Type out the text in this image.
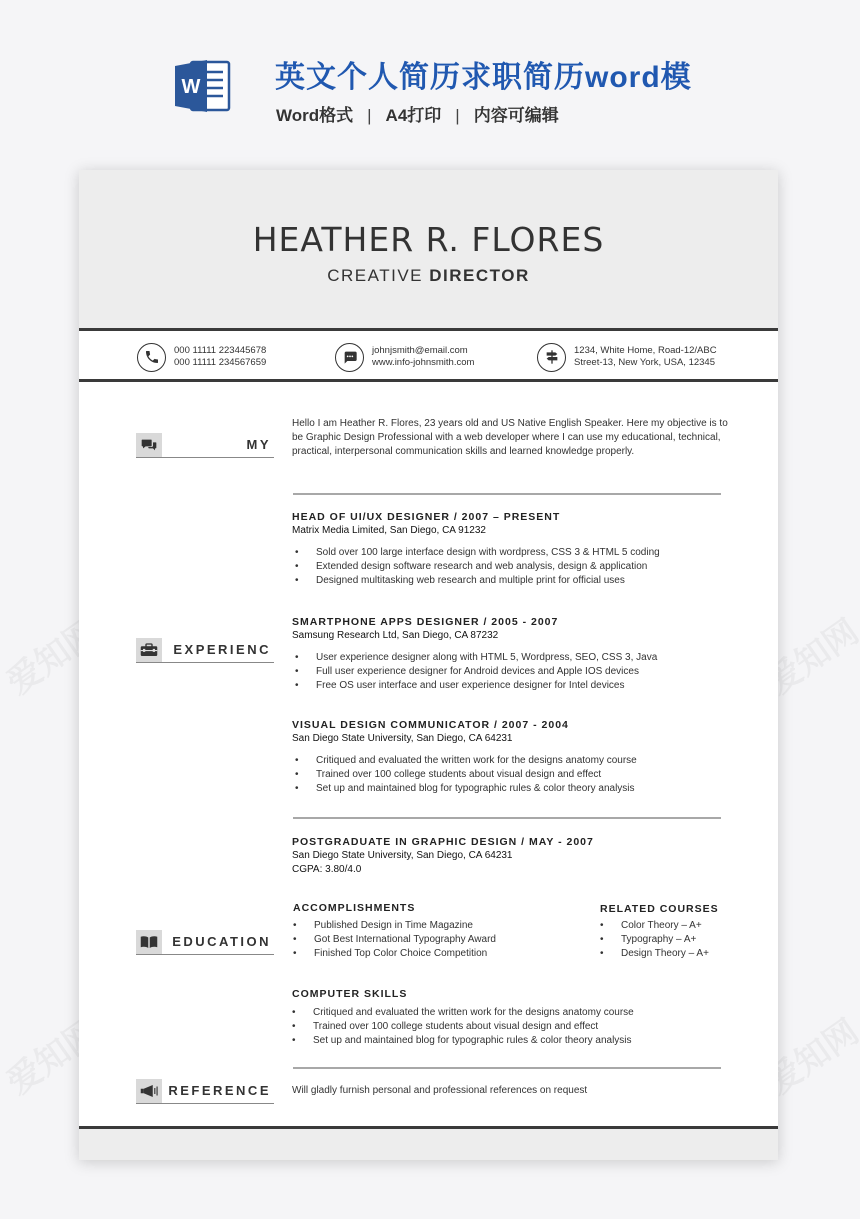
W 英文个人简历求职简历word模
Word格式 | A4打印 | 内容可编辑
HEATHER R. FLORES
CREATIVE DIRECTOR
000 11111 223445678
000 11111 234567659
johnjsmith@email.com
www.info-johnsmith.com
1234, White Home, Road-12/ABC
Street-13, New York, USA, 12345
MY
Hello I am Heather R. Flores, 23 years old and US Native English Speaker. Here my objective is to be Graphic Design Professional with a web developer where I can use my educational, technical, practical, interpersonal communication skills and learned knowledge properly.
EXPERIENC
HEAD OF UI/UX DESIGNER / 2007 – PRESENT
Matrix Media Limited, San Diego, CA 91232
• Sold over 100 large interface design with wordpress, CSS 3 & HTML 5 coding
• Extended design software research and web analysis, design & application
• Designed multitasking web research and multiple print for official uses
SMARTPHONE APPS DESIGNER / 2005 - 2007
Samsung Research Ltd, San Diego, CA 87232
• User experience designer along with HTML 5, Wordpress, SEO, CSS 3, Java
• Full user experience designer for Android devices and Apple IOS devices
• Free OS user interface and user experience designer for Intel devices
VISUAL DESIGN COMMUNICATOR / 2007 - 2004
San Diego State University, San Diego, CA 64231
• Critiqued and evaluated the written work for the designs anatomy course
• Trained over 100 college students about visual design and effect
• Set up and maintained blog for typographic rules & color theory analysis
EDUCATION
POSTGRADUATE IN GRAPHIC DESIGN / MAY - 2007
San Diego State University, San Diego, CA 64231
CGPA: 3.80/4.0
ACCOMPLISHMENTS
• Published Design in Time Magazine
• Got Best International Typography Award
• Finished Top Color Choice Competition
RELATED COURSES
• Color Theory – A+
• Typography – A+
• Design Theory – A+
COMPUTER SKILLS
• Critiqued and evaluated the written work for the designs anatomy course
• Trained over 100 college students about visual design and effect
• Set up and maintained blog for typographic rules & color theory analysis
REFERENCE Will gladly furnish personal and professional references on request
